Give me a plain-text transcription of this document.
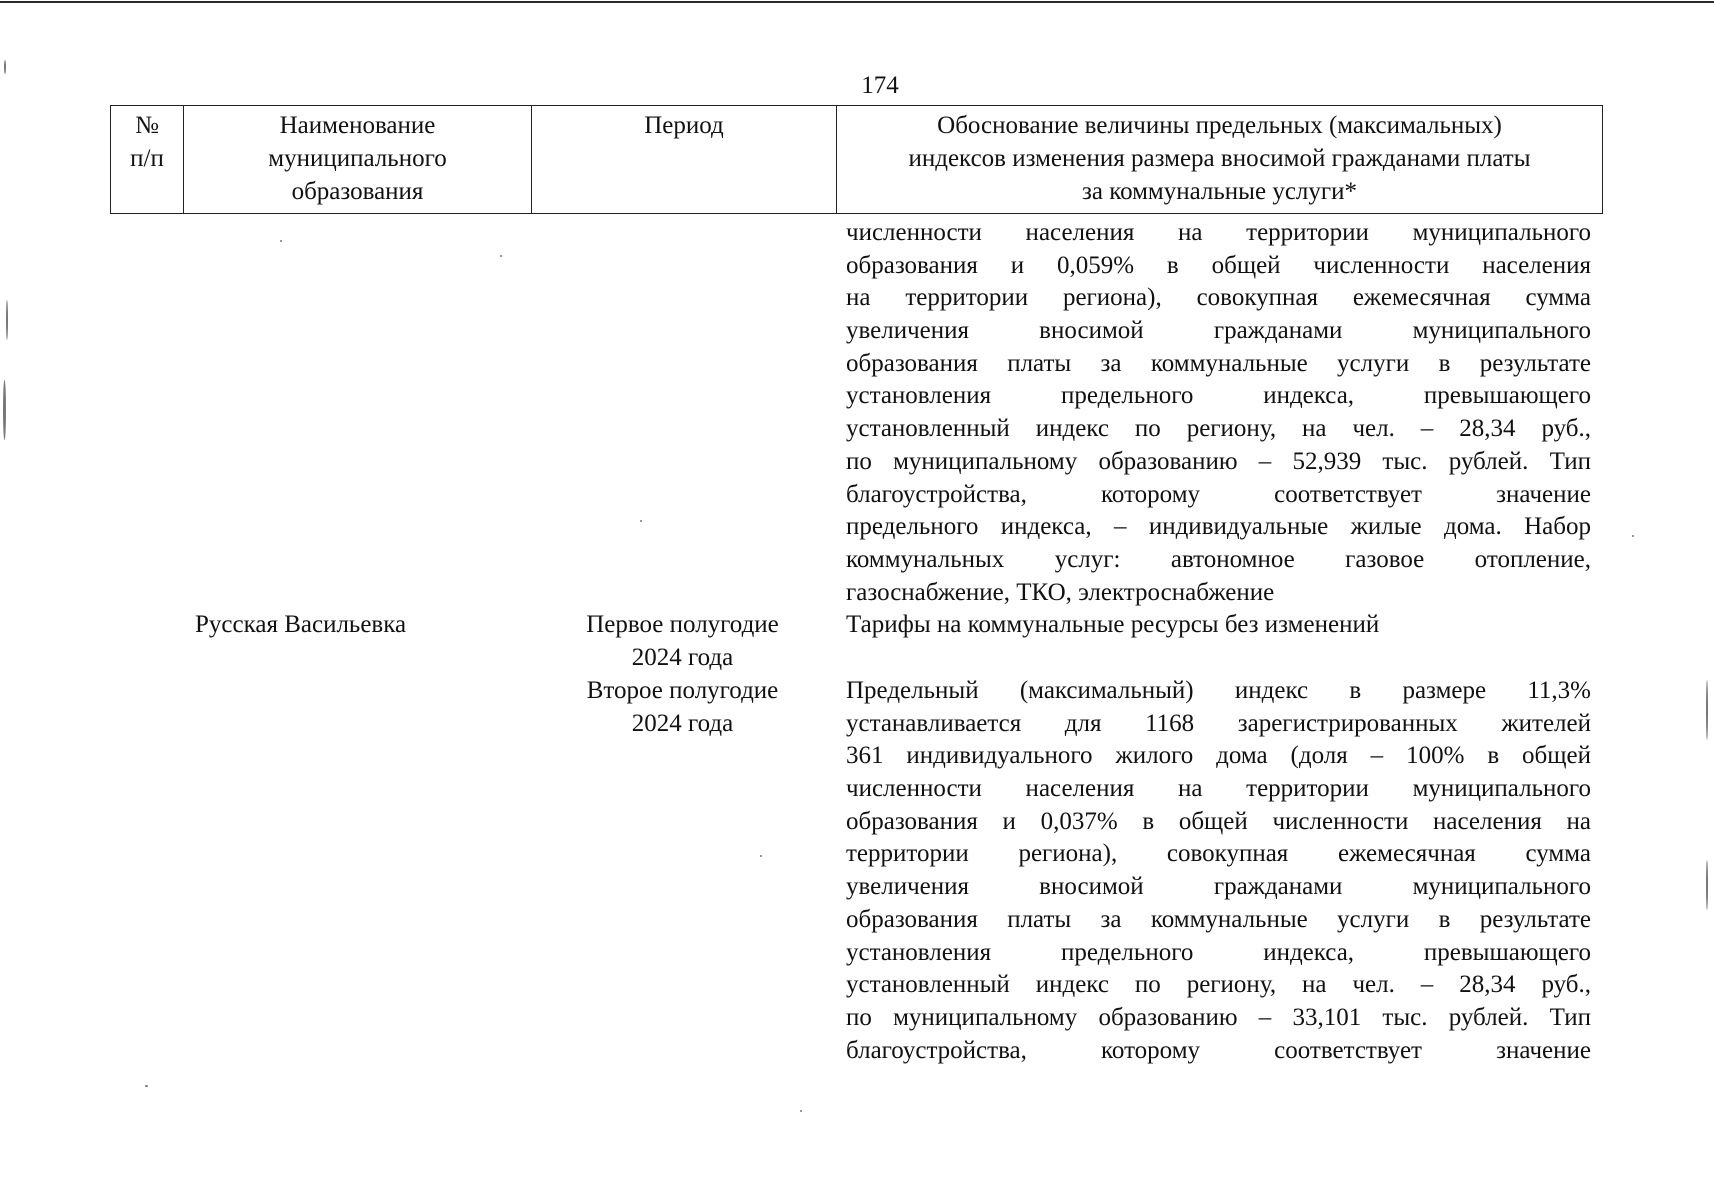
174
№
п/п
Наименование
муниципального
образования
Период	Обоснование величины предельных (максимальных)
индексов изменения размера вносимой гражданами платы
за коммунальные услуги*
численности населения на территории муниципального
образования и 0,059% в общей численности населения
на территории региона), совокупная ежемесячная сумма
увеличения вносимой гражданами муниципального
образования платы за коммунальные услуги в результате
установления предельного индекса, превышающего
установленный индекс по региону, на чел. – 28,34 руб.,
по муниципальному образованию – 52,939 тыс. рублей. Тип
благоустройства, которому соответствует значение
предельного индекса, – индивидуальные жилые дома. Набор
коммунальных услуг: автономное газовое отопление,
газоснабжение, ТКО, электроснабжение
Русская Васильевка	Первое полугодие
2024 года
Тарифы на коммунальные ресурсы без изменений
Второе полугодие
2024 года
Предельный (максимальный) индекс в размере 11,3%
устанавливается для 1168 зарегистрированных жителей
361 индивидуального жилого дома (доля – 100% в общей
численности населения на территории муниципального
образования и 0,037% в общей численности населения на
территории региона), совокупная ежемесячная сумма
увеличения вносимой гражданами муниципального
образования платы за коммунальные услуги в результате
установления предельного индекса, превышающего
установленный индекс по региону, на чел. – 28,34 руб.,
по муниципальному образованию – 33,101 тыс. рублей. Тип
благоустройства, которому соответствует значение
